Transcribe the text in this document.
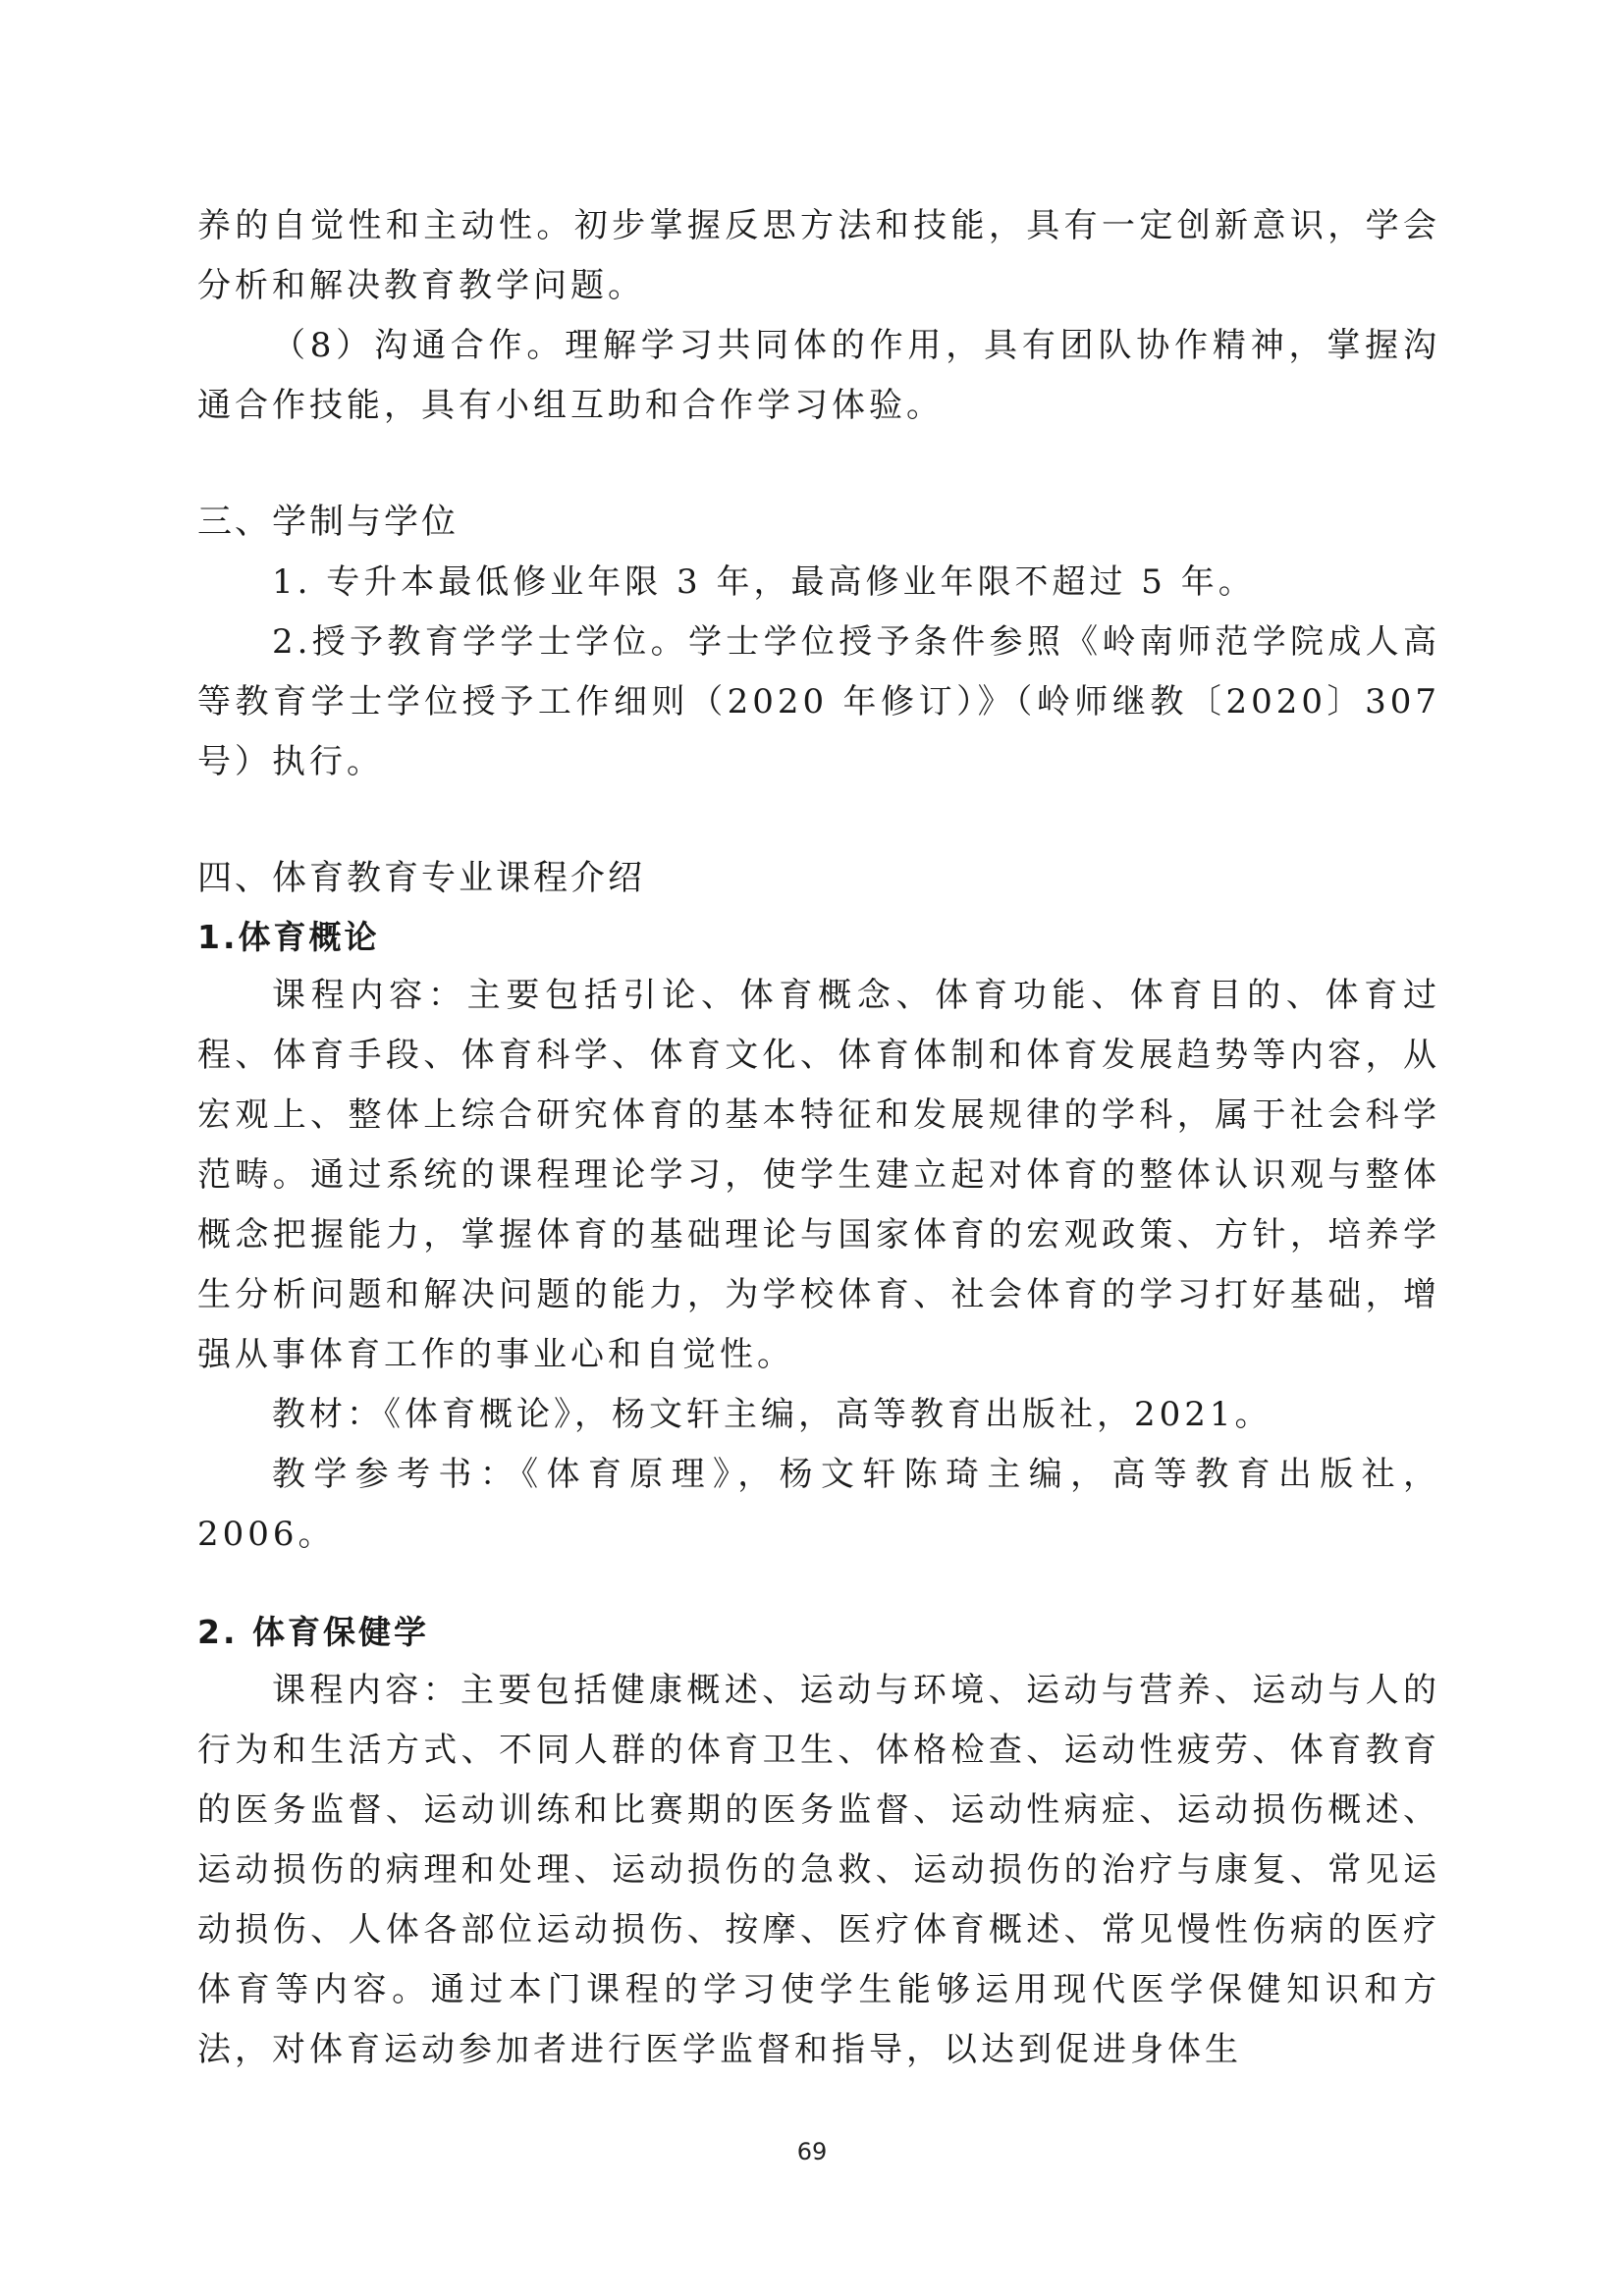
养的自觉性和主动性。初步掌握反思方法和技能，具有一定创新意识，学会分析和解决教育教学问题。

（8）沟通合作。理解学习共同体的作用，具有团队协作精神，掌握沟通合作技能，具有小组互助和合作学习体验。

三、学制与学位

1. 专升本最低修业年限 3 年，最高修业年限不超过 5 年。

2.授予教育学学士学位。学士学位授予条件参照《岭南师范学院成人高等教育学士学位授予工作细则（2020 年修订）》（岭师继教〔2020〕307 号）执行。

四、体育教育专业课程介绍
1.体育概论

课程内容：主要包括引论、体育概念、体育功能、体育目的、体育过程、体育手段、体育科学、体育文化、体育体制和体育发展趋势等内容，从宏观上、整体上综合研究体育的基本特征和发展规律的学科，属于社会科学范畴。通过系统的课程理论学习，使学生建立起对体育的整体认识观与整体概念把握能力，掌握体育的基础理论与国家体育的宏观政策、方针，培养学生分析问题和解决问题的能力，为学校体育、社会体育的学习打好基础，增强从事体育工作的事业心和自觉性。

教材：《体育概论》，杨文轩主编，高等教育出版社，2021。

教学参考书：《体育原理》，杨文轩陈琦主编，高等教育出版社，2006。

2. 体育保健学

课程内容：主要包括健康概述、运动与环境、运动与营养、运动与人的行为和生活方式、不同人群的体育卫生、体格检查、运动性疲劳、体育教育的医务监督、运动训练和比赛期的医务监督、运动性病症、运动损伤概述、运动损伤的病理和处理、运动损伤的急救、运动损伤的治疗与康复、常见运动损伤、人体各部位运动损伤、按摩、医疗体育概述、常见慢性伤病的医疗体育等内容。通过本门课程的学习使学生能够运用现代医学保健知识和方法，对体育运动参加者进行医学监督和指导，以达到促进身体生

69
